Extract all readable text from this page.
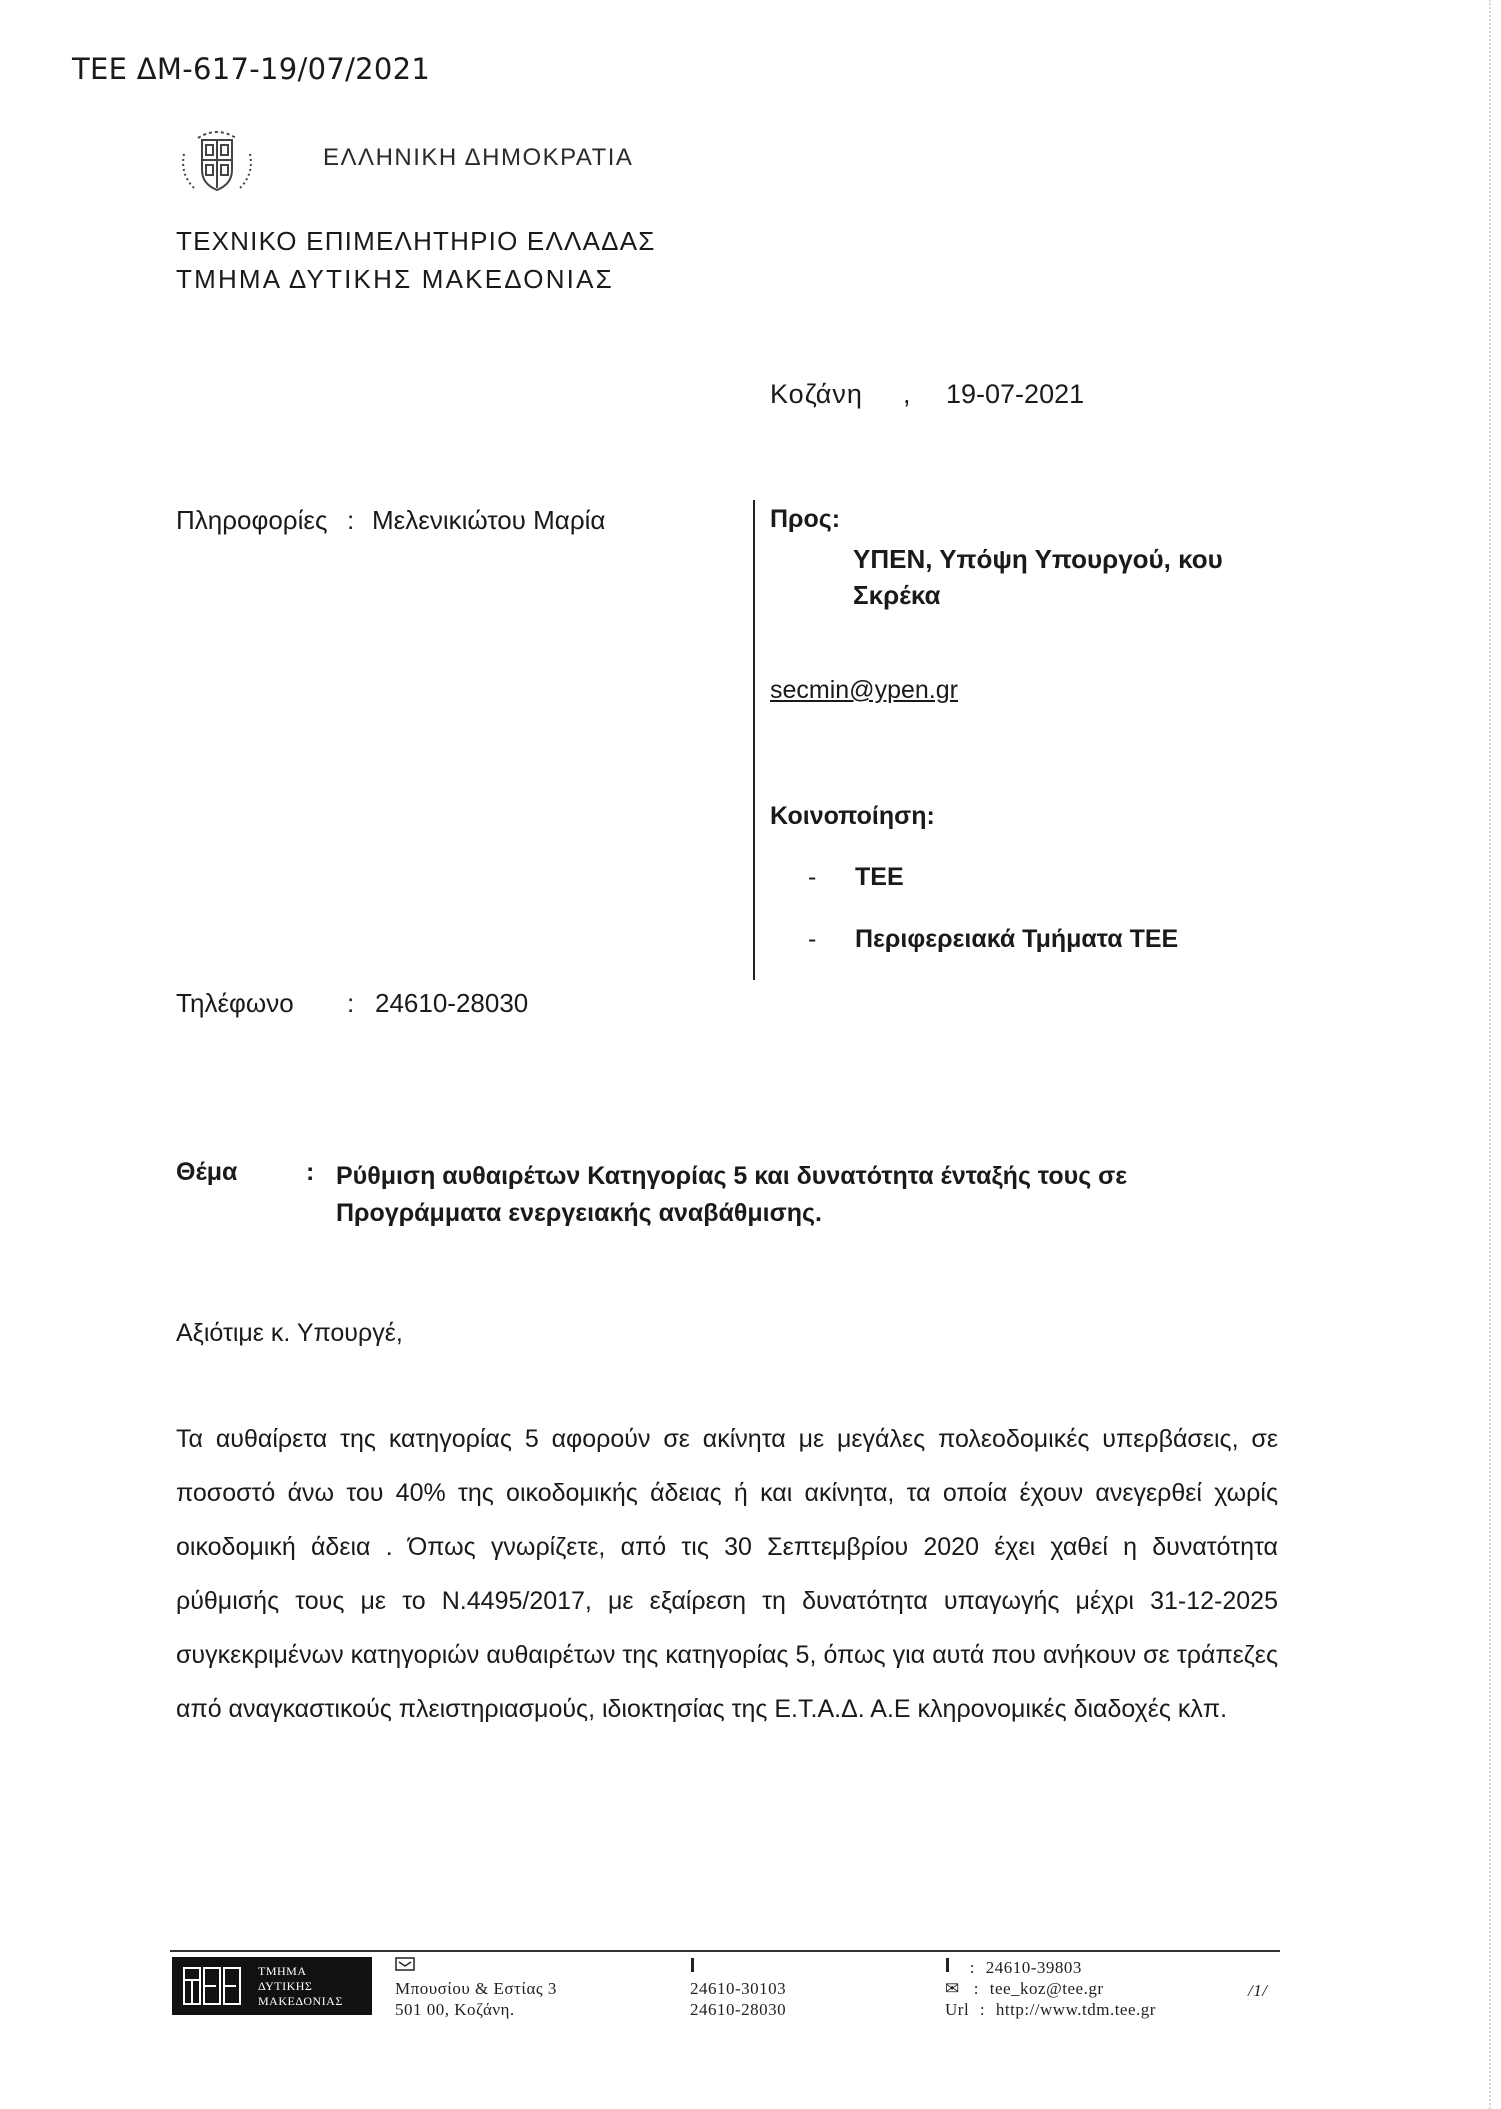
ΤΕΕ ΔΜ-617-19/07/2021
ΕΛΛΗΝΙΚΗ ΔΗΜΟΚΡΑΤΙΑ
ΤΕΧΝΙΚΟ ΕΠΙΜΕΛΗΤΗΡΙΟ ΕΛΛΑΔΑΣ
ΤΜΗΜΑ ΔΥΤΙΚΗΣ ΜΑΚΕΔΟΝΙΑΣ
Κοζάνη , 19-07-2021
Πληροφορίες : Μελενικιώτου Μαρία	Προς:
ΥΠΕΝ, Υπόψη Υπουργού, κου
Σκρέκα
secmin@ypen.gr
Κοινοποίηση:
- ΤΕΕ
- Περιφερειακά Τμήματα ΤΕΕ
Τηλέφωνο : 24610-28030
Θέμα	: Ρύθμιση αυθαιρέτων Κατηγορίας 5 και δυνατότητα ένταξής τους σε Προγράμματα ενεργειακής αναβάθμισης.
Αξιότιμε κ. Υπουργέ,
Τα αυθαίρετα της κατηγορίας 5 αφορούν σε ακίνητα με μεγάλες πολεοδομικές υπερβάσεις, σε ποσοστό άνω του 40% της οικοδομικής άδειας ή και ακίνητα, τα οποία έχουν ανεγερθεί χωρίς οικοδομική άδεια . Όπως γνωρίζετε, από τις 30 Σεπτεμβρίου 2020 έχει χαθεί η δυνατότητα ρύθμισής τους με το Ν.4495/2017, με εξαίρεση τη δυνατότητα υπαγωγής μέχρι 31-12-2025 συγκεκριμένων κατηγοριών αυθαιρέτων της κατηγορίας 5, όπως για αυτά που ανήκουν σε τράπεζες από αναγκαστικούς πλειστηριασμούς, ιδιοκτησίας της Ε.Τ.Α.Δ. Α.Ε κληρονομικές διαδοχές κλπ.
ΤΜΗΜΑ
ΔΥΤΙΚΗΣ
ΜΑΚΕΔΟΝΙΑΣ
Μπουσίου & Εστίας 3
501 00, Κοζάνη.
24610-30103
24610-28030
: 24610-39803
✉ : tee_koz@tee.gr
Url : http://www.tdm.tee.gr
/1/
